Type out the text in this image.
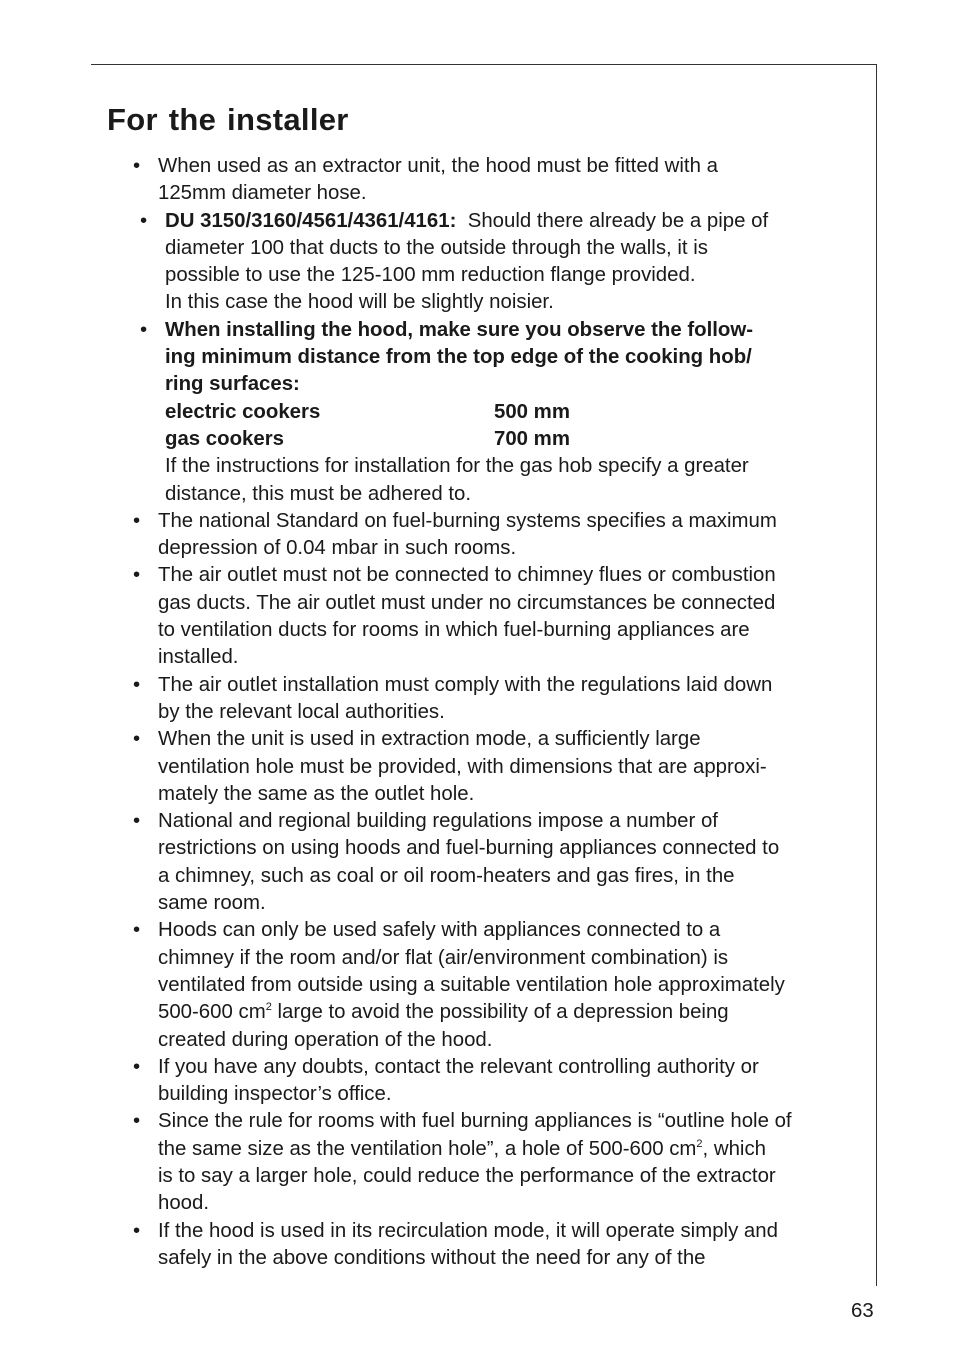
For the installer
• When used as an extractor unit, the hood must be fitted with a
125mm diameter hose.
• DU 3150/3160/4561/4361/4161: Should there already be a pipe of
diameter 100 that ducts to the outside through the walls, it is
possible to use the 125-100 mm reduction flange provided.
In this case the hood will be slightly noisier.
• When installing the hood, make sure you observe the follow-
ing minimum distance from the top edge of the cooking hob/
ring surfaces:
electric cookers	500 mm
gas cookers	700 mm
If the instructions for installation for the gas hob specify a greater
distance, this must be adhered to.
• The national Standard on fuel-burning systems specifies a maximum
depression of 0.04 mbar in such rooms.
• The air outlet must not be connected to chimney flues or combustion
gas ducts. The air outlet must under no circumstances be connected
to ventilation ducts for rooms in which fuel-burning appliances are
installed.
• The air outlet installation must comply with the regulations laid down
by the relevant local authorities.
• When the unit is used in extraction mode, a sufficiently large
ventilation hole must be provided, with dimensions that are approxi-
mately the same as the outlet hole.
• National and regional building regulations impose a number of
restrictions on using hoods and fuel-burning appliances connected to
a chimney, such as coal or oil room-heaters and gas fires, in the
same room.
• Hoods can only be used safely with appliances connected to a
chimney if the room and/or flat (air/environment combination) is
ventilated from outside using a suitable ventilation hole approximately
500-600 $cm^2$ large to avoid the possibility of a depression being
created during operation of the hood.
• If you have any doubts, contact the relevant controlling authority or
building inspector’s office.
• Since the rule for rooms with fuel burning appliances is “outline hole of
the same size as the ventilation hole”, a hole of 500-600 $cm^2$, which
is to say a larger hole, could reduce the performance of the extractor
hood.
• If the hood is used in its recirculation mode, it will operate simply and
safely in the above conditions without the need for any of the
63
